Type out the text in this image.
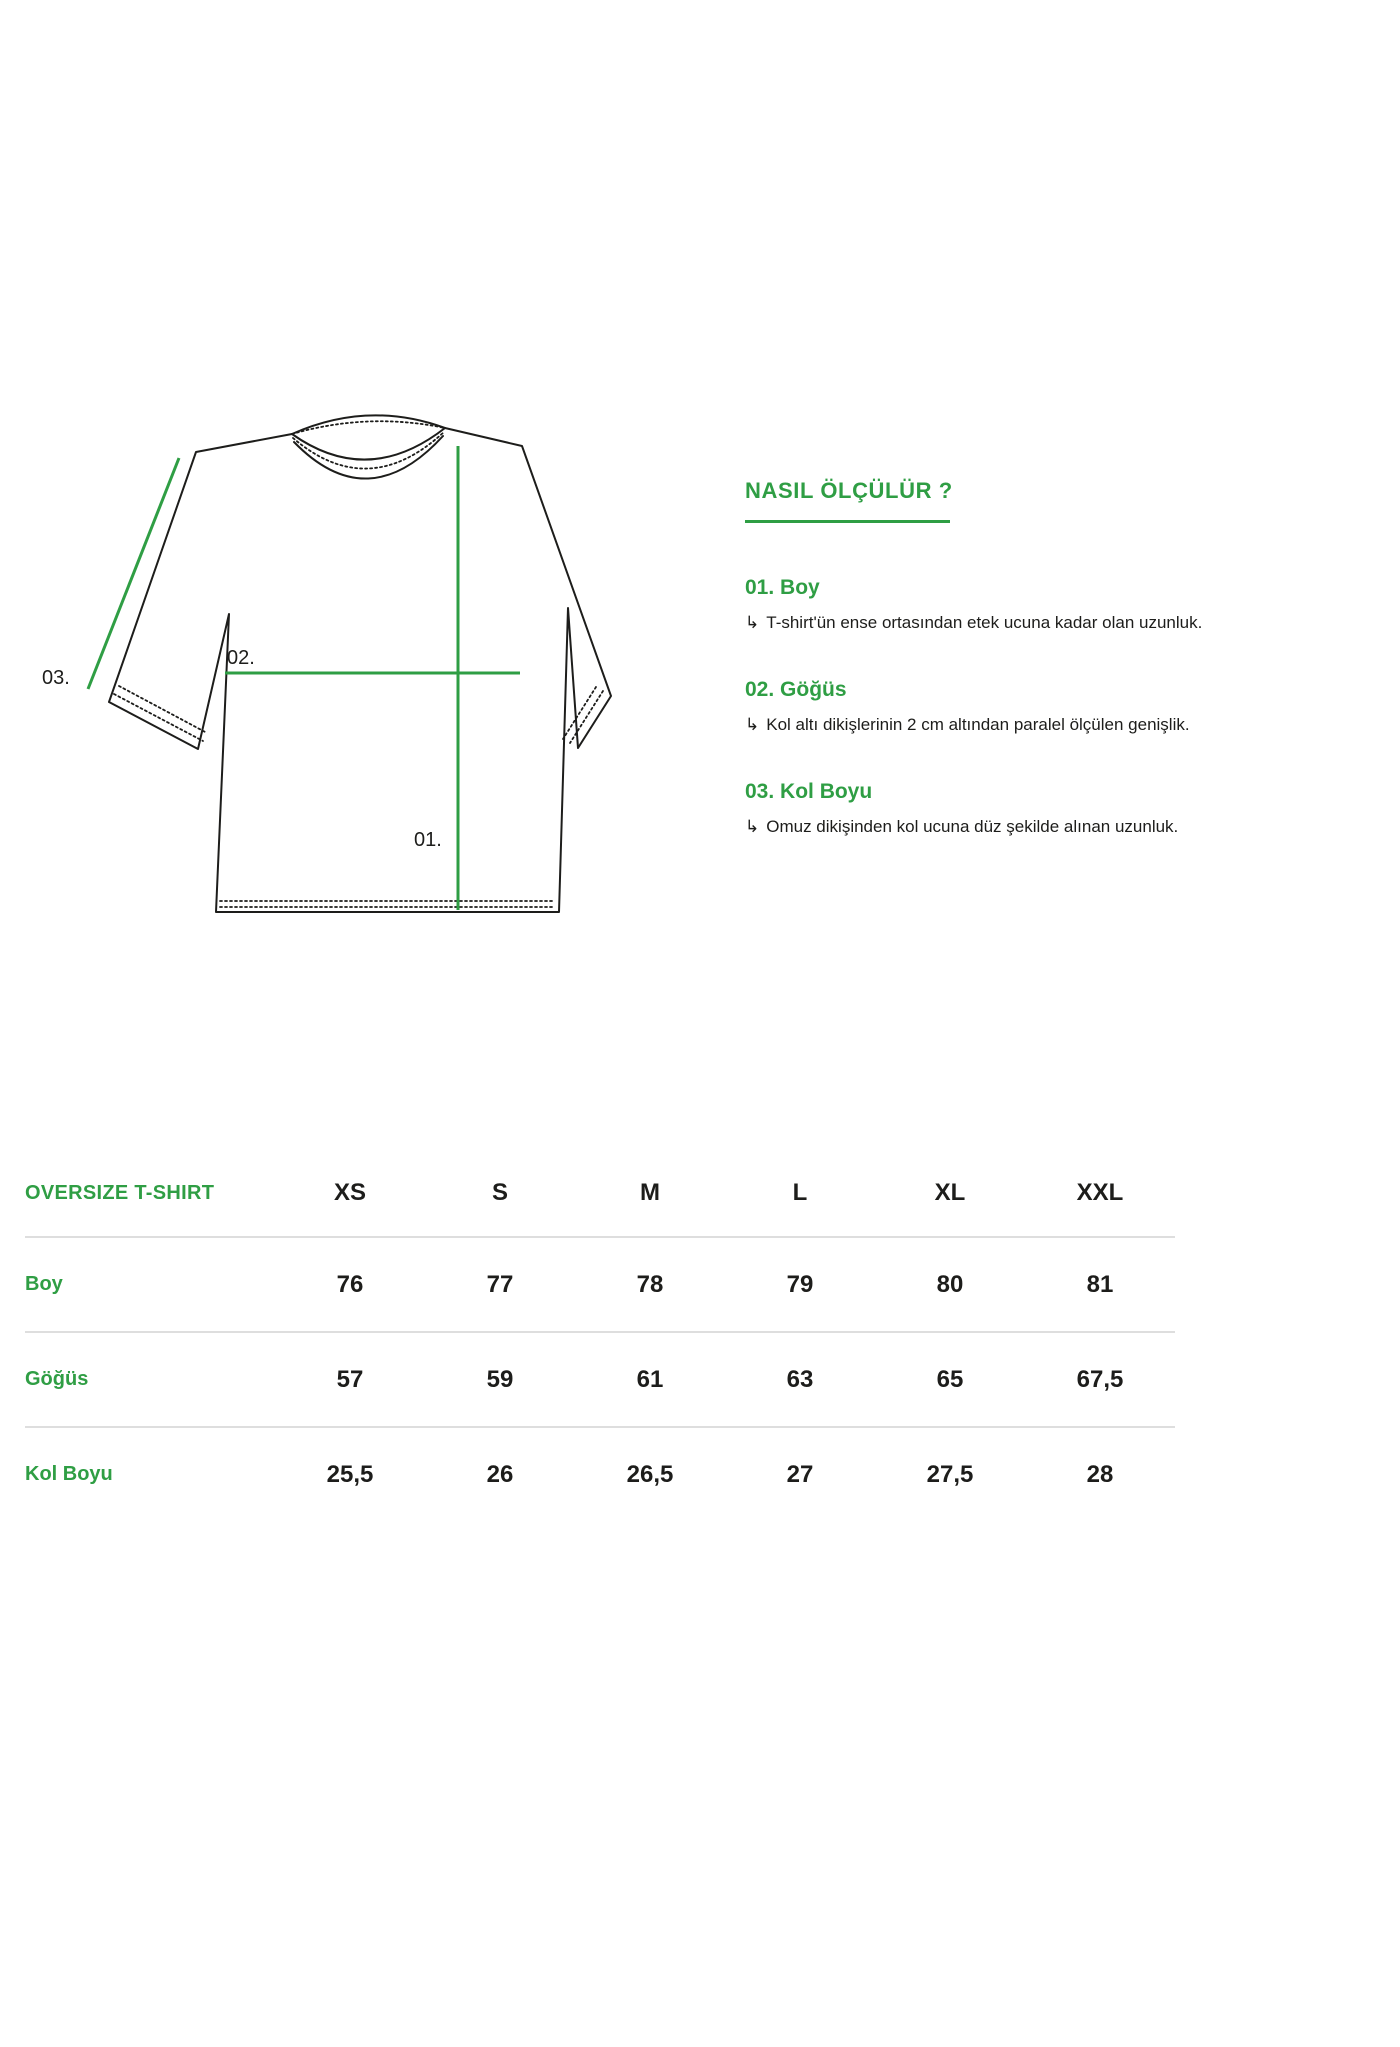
01.
02.
03.
NASIL ÖLÇÜLÜR ?
01. Boy

↳ T-shirt'ün ense ortasından etek ucuna kadar olan uzunluk.

02. Göğüs

↳ Kol altı dikişlerinin 2 cm altından paralel ölçülen genişlik.

03. Kol Boyu

↳ Omuz dikişinden kol ucuna düz şekilde alınan uzunluk.

OVERSIZE T-SHIRT	XS	S	M	L	XL	XXL
Boy	76	77	78	79	80	81
Göğüs	57	59	61	63	65	67,5
Kol Boyu	25,5	26	26,5	27	27,5	28
